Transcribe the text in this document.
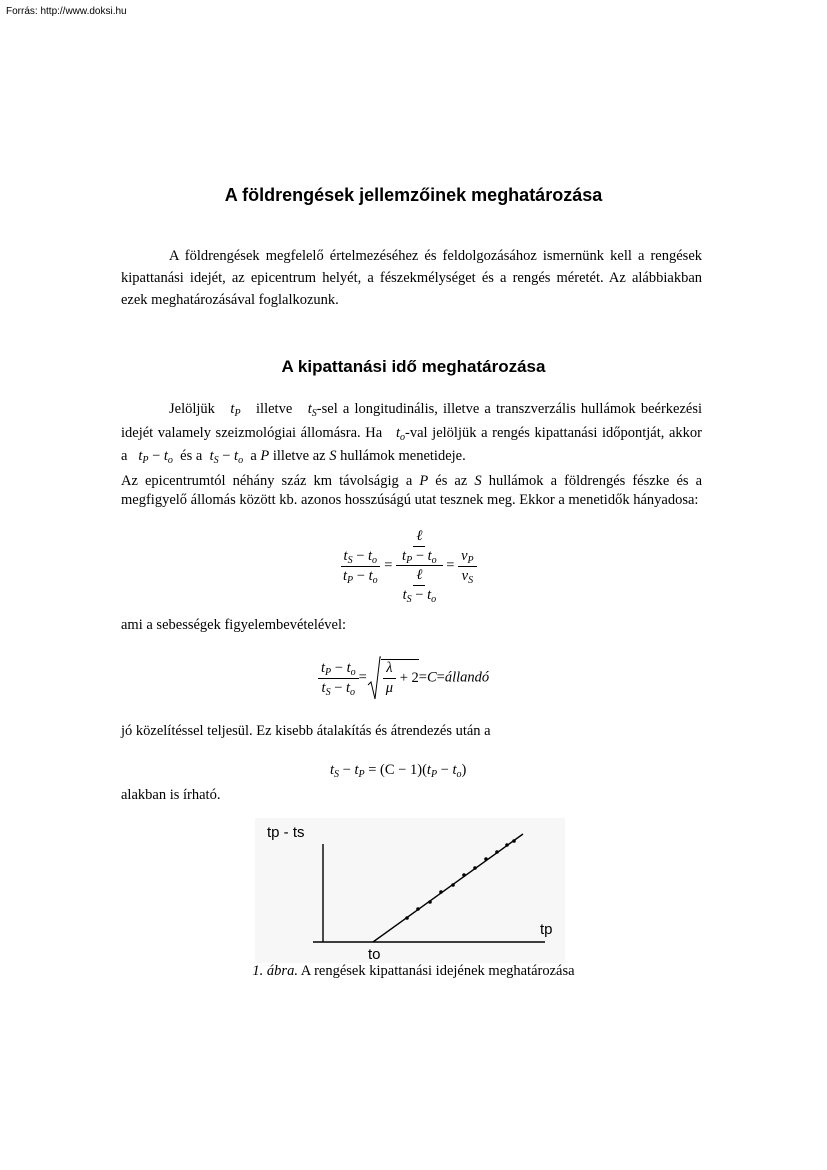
Forrás: http://www.doksi.hu
A földrengések jellemzőinek meghatározása
A földrengések megfelelő értelmezéséhez és feldolgozásához ismernünk kell a rengések kipattanási idejét, az epicentrum helyét, a fészekmélységet és a rengés méretét. Az alábbiakban ezek meghatározásával foglalkozunk.
A kipattanási idő meghatározása
Jelöljük $t_P$ illetve $t_S$-sel a longitudinális, illetve a transzverzális hullámok beérkezési idejét valamely szeizmológiai állomásra. Ha $t_o$-val jelöljük a rengés kipattanási időpontját, akkor a $t_P - t_o$ és a $t_S - t_o$ a P illetve az S hullámok menetideje.
Az epicentrumtól néhány száz km távolságig a P és az S hullámok a földrengés fészke és a megfigyelő állomás között kb. azonos hosszúságú utat tesznek meg. Ekkor a menetidők hányadosa:
$\frac{t_S - t_o}{t_P - t_o} = \frac{\frac{\text{ℓ}}{t_P - t_o}}{\frac{\text{ℓ}}{t_S - t_o}} = \frac{v_P}{v_S}$
ami a sebességek figyelembevételével:
$\frac{t_P - t_o}{t_S - t_o} = \frac{\lambda}{\mu}$ + 2=C=állandó
jó közelítéssel teljesül. Ez kisebb átalakítás és átrendezés után a
$t_S - t_P = (C - 1)(t_P - t_o)$
alakban is írható.
tp - ts
tp
to
1. ábra. A rengések kipattanási idejének meghatározása
